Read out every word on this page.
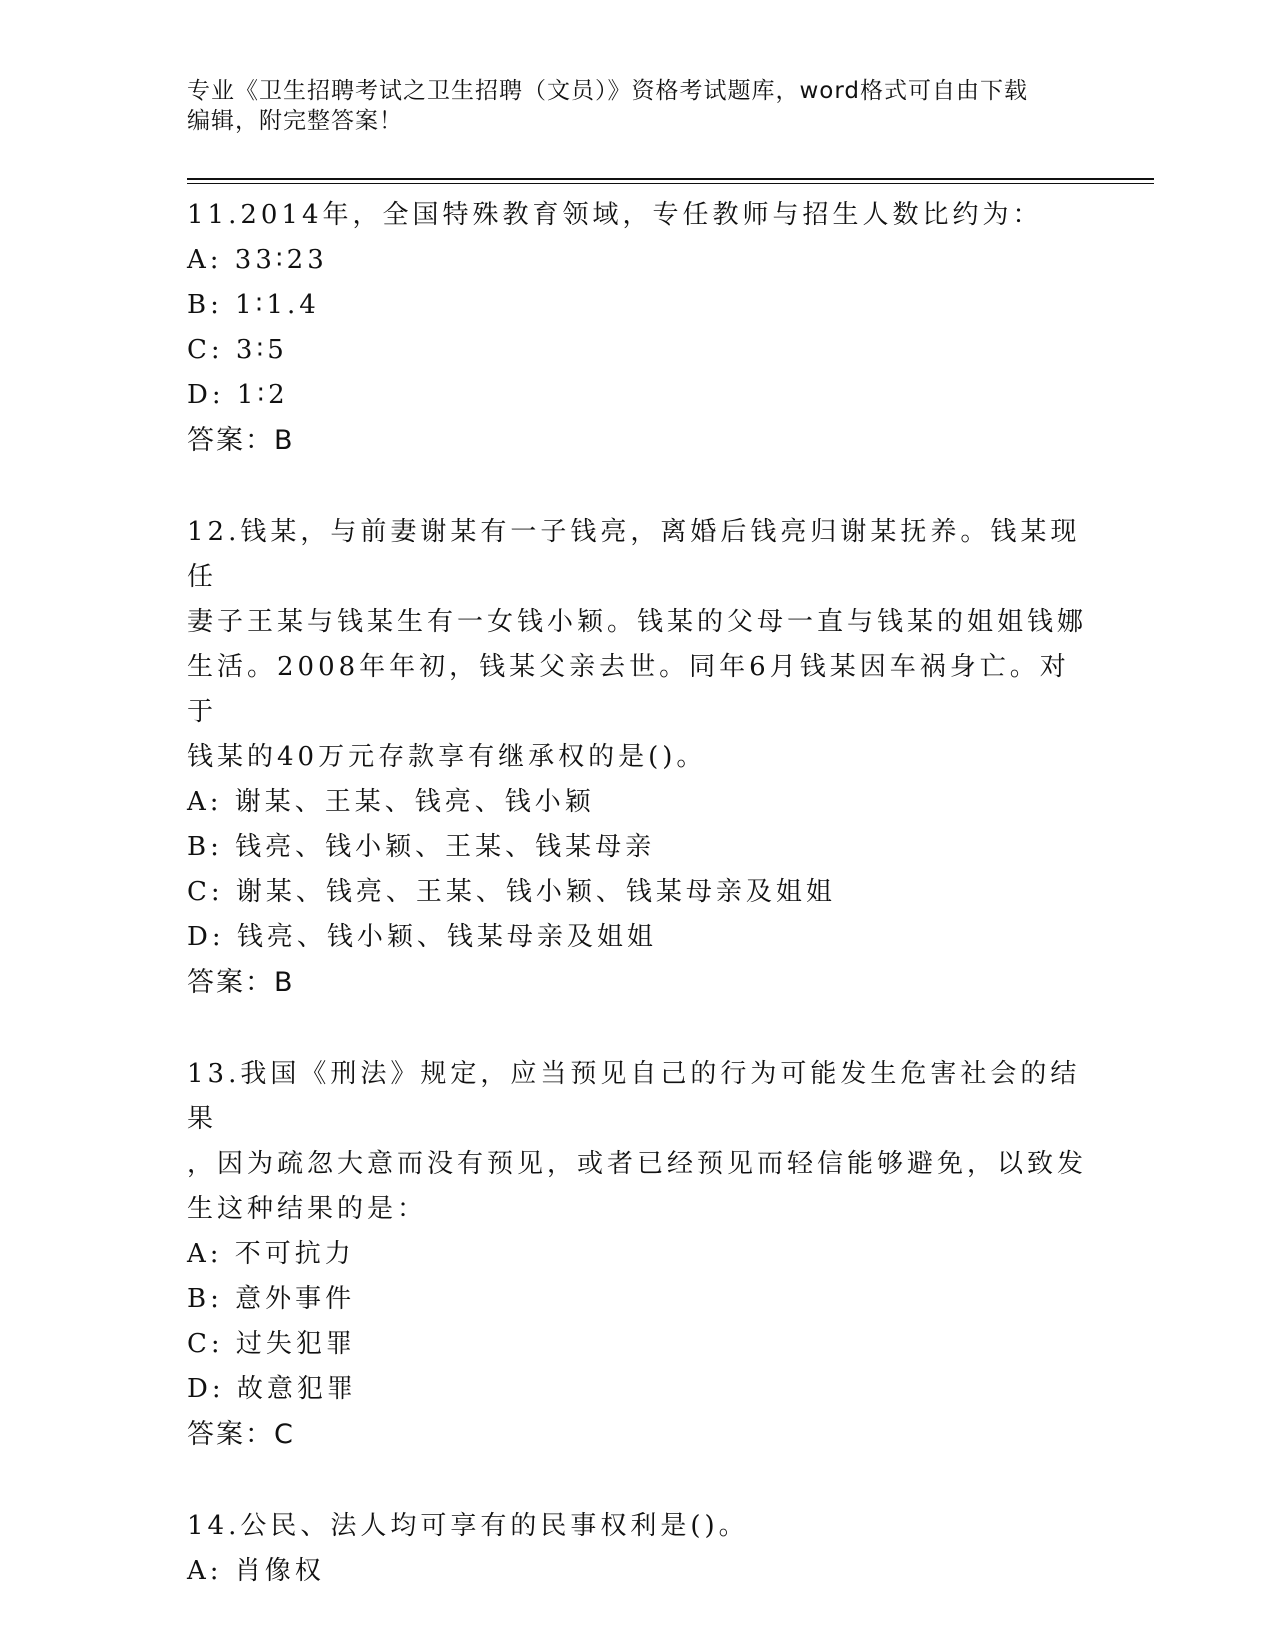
专业《卫生招聘考试之卫生招聘（文员）》资格考试题库，word格式可自由下载
编辑，附完整答案！

11.2014年，全国特殊教育领域，专任教师与招生人数比约为：

A: 33∶23

B: 1∶1.4

C: 3∶5

D: 1∶2

答案：B

12.钱某，与前妻谢某有一子钱亮，离婚后钱亮归谢某抚养。钱某现任

妻子王某与钱某生有一女钱小颖。钱某的父母一直与钱某的姐姐钱娜

生活。2008年年初，钱某父亲去世。同年6月钱某因车祸身亡。对于

钱某的40万元存款享有继承权的是()。

A: 谢某、王某、钱亮、钱小颖

B: 钱亮、钱小颖、王某、钱某母亲

C: 谢某、钱亮、王某、钱小颖、钱某母亲及姐姐

D: 钱亮、钱小颖、钱某母亲及姐姐

答案：B

13.我国《刑法》规定，应当预见自己的行为可能发生危害社会的结果

，因为疏忽大意而没有预见，或者已经预见而轻信能够避免，以致发

生这种结果的是：

A: 不可抗力

B: 意外事件

C: 过失犯罪

D: 故意犯罪

答案：C

14.公民、法人均可享有的民事权利是()。

A: 肖像权
